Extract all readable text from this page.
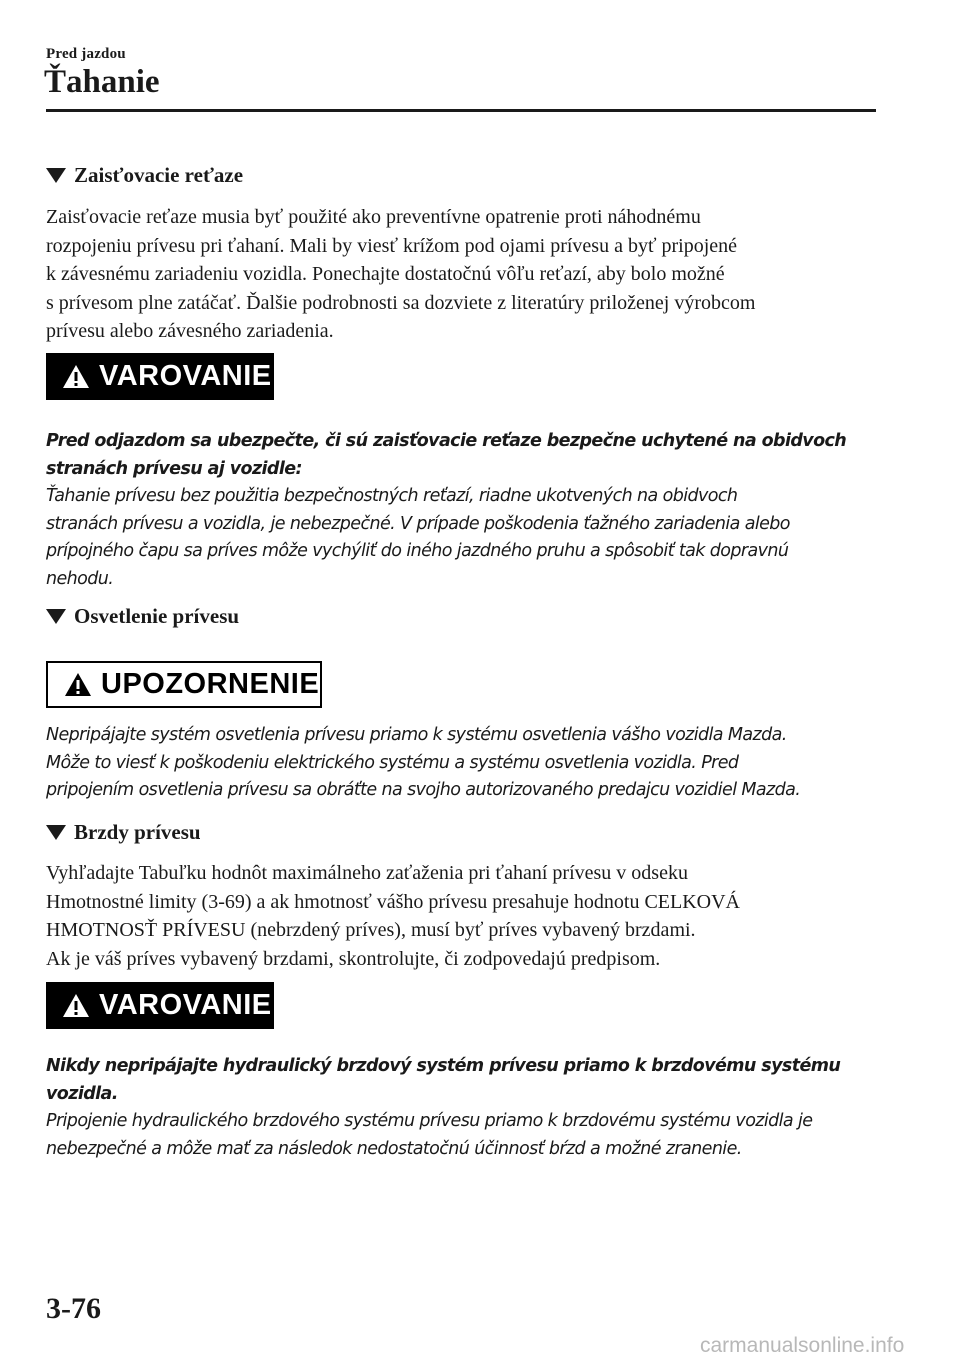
Pred jazdou
Ťahanie
Zaisťovacie reťaze
Zaisťovacie reťaze musia byť použité ako preventívne opatrenie proti náhodnému
rozpojeniu prívesu pri ťahaní. Mali by viesť krížom pod ojami prívesu a byť pripojené
k závesnému zariadeniu vozidla. Ponechajte dostatočnú vôľu reťazí, aby bolo možné
s prívesom plne zatáčať. Ďalšie podrobnosti sa dozviete z literatúry priloženej výrobcom
prívesu alebo závesného zariadenia.
VAROVANIE
Pred odjazdom sa ubezpečte, či sú zaisťovacie reťaze bezpečne uchytené na obidvoch
stranách prívesu aj vozidle:
Ťahanie prívesu bez použitia bezpečnostných reťazí, riadne ukotvených na obidvoch
stranách prívesu a vozidla, je nebezpečné. V prípade poškodenia ťažného zariadenia alebo
prípojného čapu sa príves môže vychýliť do iného jazdného pruhu a spôsobiť tak dopravnú
nehodu.
Osvetlenie prívesu
UPOZORNENIE
Nepripájajte systém osvetlenia prívesu priamo k systému osvetlenia vášho vozidla Mazda.
Môže to viesť k poškodeniu elektrického systému a systému osvetlenia vozidla. Pred
pripojením osvetlenia prívesu sa obráťte na svojho autorizovaného predajcu vozidiel Mazda.
Brzdy prívesu
Vyhľadajte Tabuľku hodnôt maximálneho zaťaženia pri ťahaní prívesu v odseku
Hmotnostné limity (3-69) a ak hmotnosť vášho prívesu presahuje hodnotu CELKOVÁ
HMOTNOSŤ PRÍVESU (nebrzdený príves), musí byť príves vybavený brzdami.
Ak je váš príves vybavený brzdami, skontrolujte, či zodpovedajú predpisom.
VAROVANIE
Nikdy nepripájajte hydraulický brzdový systém prívesu priamo k brzdovému systému vozidla.
Pripojenie hydraulického brzdového systému prívesu priamo k brzdovému systému vozidla je
nebezpečné a môže mať za následok nedostatočnú účinnosť bŕzd a možné zranenie.
3-76
carmanualsonline.info
